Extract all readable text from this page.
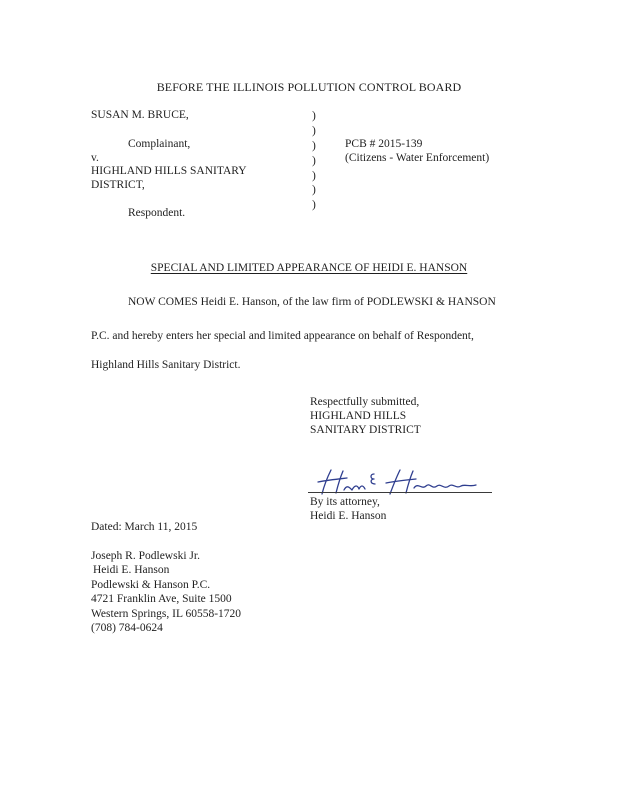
BEFORE THE ILLINOIS POLLUTION CONTROL BOARD
SUSAN M. BRUCE,
Complainant,
v.
HIGHLAND HILLS SANITARY
DISTRICT,
Respondent.
)
)
)
)
)
)
)
PCB # 2015-139
(Citizens - Water Enforcement)
SPECIAL AND LIMITED APPEARANCE OF HEIDI E. HANSON
NOW COMES Heidi E. Hanson, of the law firm of PODLEWSKI & HANSON
P.C. and hereby enters her special and limited appearance on behalf of Respondent,
Highland Hills Sanitary District.
Respectfully submitted,
HIGHLAND HILLS
SANITARY DISTRICT
By its attorney,
Heidi E. Hanson
Dated: March 11, 2015
Joseph R. Podlewski Jr.
Heidi E. Hanson
Podlewski & Hanson P.C.
4721 Franklin Ave, Suite 1500
Western Springs, IL 60558-1720
(708) 784-0624
